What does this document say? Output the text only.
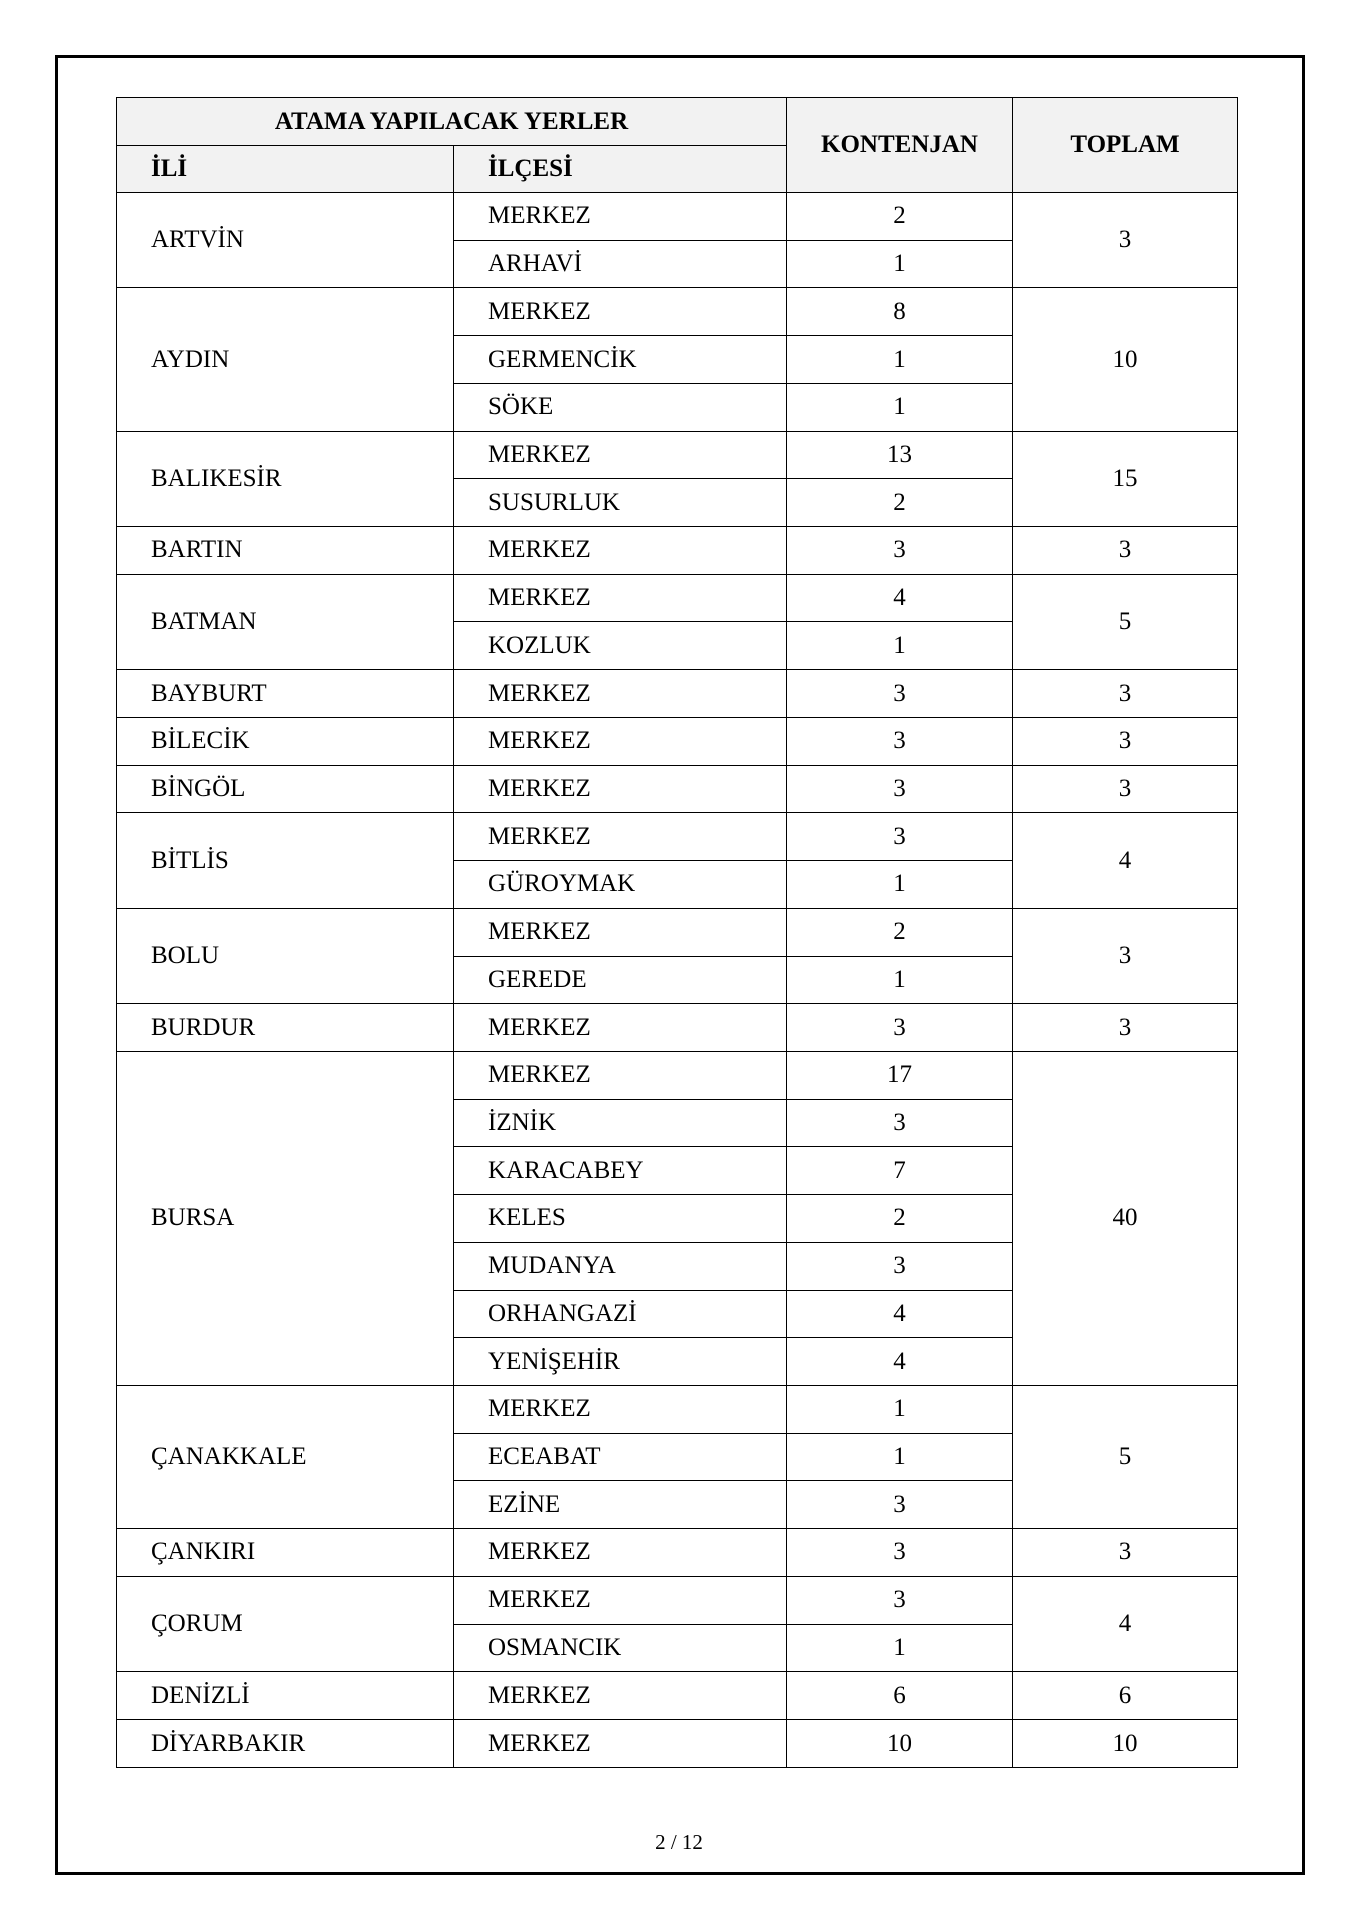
ATAMA YAPILACAK YERLER		KONTENJAN	TOPLAM
İLİ	İLÇESİ		
ARTVİN	MERKEZ	2	3
	ARHAVİ	1	
AYDIN	MERKEZ	8	10
	GERMENCİK	1	
	SÖKE	1	
BALIKESİR	MERKEZ	13	15
	SUSURLUK	2	
BARTIN	MERKEZ	3	3
BATMAN	MERKEZ	4	5
	KOZLUK	1	
BAYBURT	MERKEZ	3	3
BİLECİK	MERKEZ	3	3
BİNGÖL	MERKEZ	3	3
BİTLİS	MERKEZ	3	4
	GÜROYMAK	1	
BOLU	MERKEZ	2	3
	GEREDE	1	
BURDUR	MERKEZ	3	3
BURSA	MERKEZ	17	40
	İZNİK	3	
	KARACABEY	7	
	KELES	2	
	MUDANYA	3	
	ORHANGAZİ	4	
	YENİŞEHİR	4	
ÇANAKKALE	MERKEZ	1	5
	ECEABAT	1	
	EZİNE	3	
ÇANKIRI	MERKEZ	3	3
ÇORUM	MERKEZ	3	4
	OSMANCIK	1	
DENİZLİ	MERKEZ	6	6
DİYARBAKIR	MERKEZ	10	10
2 / 12
